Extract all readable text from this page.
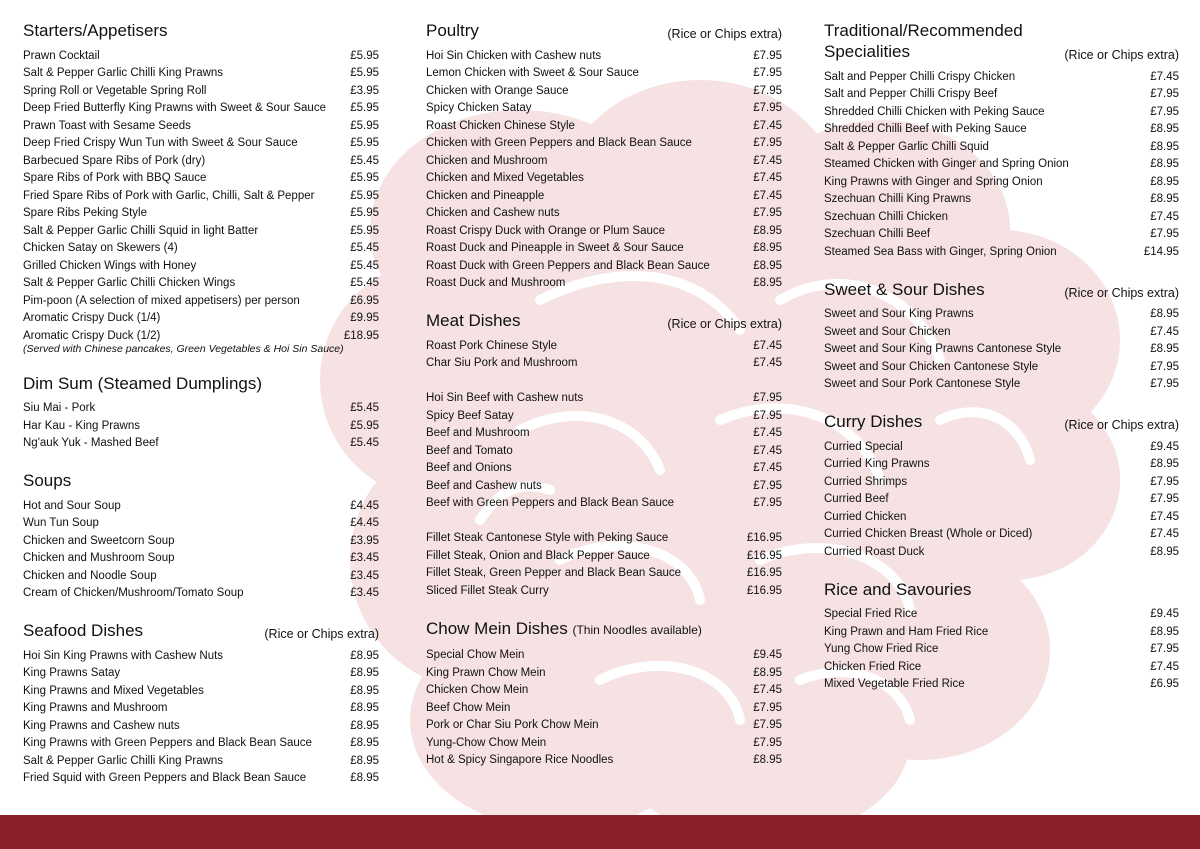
Starters/Appetisers
Prawn Cocktail	£5.95
Salt & Pepper Garlic Chilli King Prawns	£5.95
Spring Roll or Vegetable Spring Roll	£3.95
Deep Fried Butterfly King Prawns with Sweet & Sour Sauce £5.95
Prawn Toast with Sesame Seeds	£5.95
Deep Fried Crispy Wun Tun with Sweet & Sour Sauce	£5.95
Barbecued Spare Ribs of Pork (dry)	£5.45
Spare Ribs of Pork with BBQ Sauce	£5.95
Fried Spare Ribs of Pork with Garlic, Chilli, Salt & Pepper	£5.95
Spare Ribs Peking Style	£5.95
Salt & Pepper Garlic Chilli Squid in light Batter	£5.95
Chicken Satay on Skewers (4)	£5.45
Grilled Chicken Wings with Honey	£5.45
Salt & Pepper Garlic Chilli Chicken Wings	£5.45
Pim-poon (A selection of mixed appetisers) per person	£6.95
Aromatic Crispy Duck (1/4)	£9.95
Aromatic Crispy Duck (1/2)	£18.95
(Served with Chinese pancakes, Green Vegetables & Hoi Sin Sauce)
Dim Sum (Steamed Dumplings)
Siu Mai - Pork	£5.45
Har Kau - King Prawns	£5.95
Ng'auk Yuk - Mashed Beef	£5.45
Soups
Hot and Sour Soup	£4.45
Wun Tun Soup	£4.45
Chicken and Sweetcorn Soup	£3.95
Chicken and Mushroom Soup	£3.45
Chicken and Noodle Soup	£3.45
Cream of Chicken/Mushroom/Tomato Soup	£3.45
Seafood Dishes	(Rice or Chips extra)
Hoi Sin King Prawns with Cashew Nuts	£8.95
King Prawns Satay	£8.95
King Prawns and Mixed Vegetables	£8.95
King Prawns and Mushroom	£8.95
King Prawns and Cashew nuts	£8.95
King Prawns with Green Peppers and Black Bean Sauce	£8.95
Salt & Pepper Garlic Chilli King Prawns	£8.95
Fried Squid with Green Peppers and Black Bean Sauce	£8.95
Poultry	(Rice or Chips extra)
Hoi Sin Chicken with Cashew nuts	£7.95
Lemon Chicken with Sweet & Sour Sauce	£7.95
Chicken with Orange Sauce	£7.95
Spicy Chicken Satay	£7.95
Roast Chicken Chinese Style	£7.45
Chicken with Green Peppers and Black Bean Sauce	£7.95
Chicken and Mushroom	£7.45
Chicken and Mixed Vegetables	£7.45
Chicken and Pineapple	£7.45
Chicken and Cashew nuts	£7.95
Roast Crispy Duck with Orange or Plum Sauce	£8.95
Roast Duck and Pineapple in Sweet & Sour Sauce	£8.95
Roast Duck with Green Peppers and Black Bean Sauce	£8.95
Roast Duck and Mushroom	£8.95
Meat Dishes	(Rice or Chips extra)
Roast Pork Chinese Style	£7.45
Char Siu Pork and Mushroom	£7.45
Hoi Sin Beef with Cashew nuts	£7.95
Spicy Beef Satay	£7.95
Beef and Mushroom	£7.45
Beef and Tomato	£7.45
Beef and Onions	£7.45
Beef and Cashew nuts	£7.95
Beef with Green Peppers and Black Bean Sauce	£7.95
Fillet Steak Cantonese Style with Peking Sauce	£16.95
Fillet Steak, Onion and Black Pepper Sauce	£16.95
Fillet Steak, Green Pepper and Black Bean Sauce	£16.95
Sliced Fillet Steak Curry	£16.95
Chow Mein Dishes (Thin Noodles available)
Special Chow Mein	£9.45
King Prawn Chow Mein	£8.95
Chicken Chow Mein	£7.45
Beef Chow Mein	£7.95
Pork or Char Siu Pork Chow Mein	£7.95
Yung-Chow Chow Mein	£7.95
Hot & Spicy Singapore Rice Noodles	£8.95
Traditional/Recommended Specialities	(Rice or Chips extra)
Salt and Pepper Chilli Crispy Chicken	£7.45
Salt and Pepper Chilli Crispy Beef	£7.95
Shredded Chilli Chicken with Peking Sauce	£7.95
Shredded Chilli Beef with Peking Sauce	£8.95
Salt & Pepper Garlic Chilli Squid	£8.95
Steamed Chicken with Ginger and Spring Onion	£8.95
King Prawns with Ginger and Spring Onion	£8.95
Szechuan Chilli King Prawns	£8.95
Szechuan Chilli Chicken	£7.45
Szechuan Chilli Beef	£7.95
Steamed Sea Bass with Ginger, Spring Onion	£14.95
Sweet & Sour Dishes	(Rice or Chips extra)
Sweet and Sour King Prawns	£8.95
Sweet and Sour Chicken	£7.45
Sweet and Sour King Prawns Cantonese Style	£8.95
Sweet and Sour Chicken Cantonese Style	£7.95
Sweet and Sour Pork Cantonese Style	£7.95
Curry Dishes	(Rice or Chips extra)
Curried Special	£9.45
Curried King Prawns	£8.95
Curried Shrimps	£7.95
Curried Beef	£7.95
Curried Chicken	£7.45
Curried Chicken Breast (Whole or Diced)	£7.45
Curried Roast Duck	£8.95
Rice and Savouries
Special Fried Rice	£9.45
King Prawn and Ham Fried Rice	£8.95
Yung Chow Fried Rice	£7.95
Chicken Fried Rice	£7.45
Mixed Vegetable Fried Rice	£6.95
